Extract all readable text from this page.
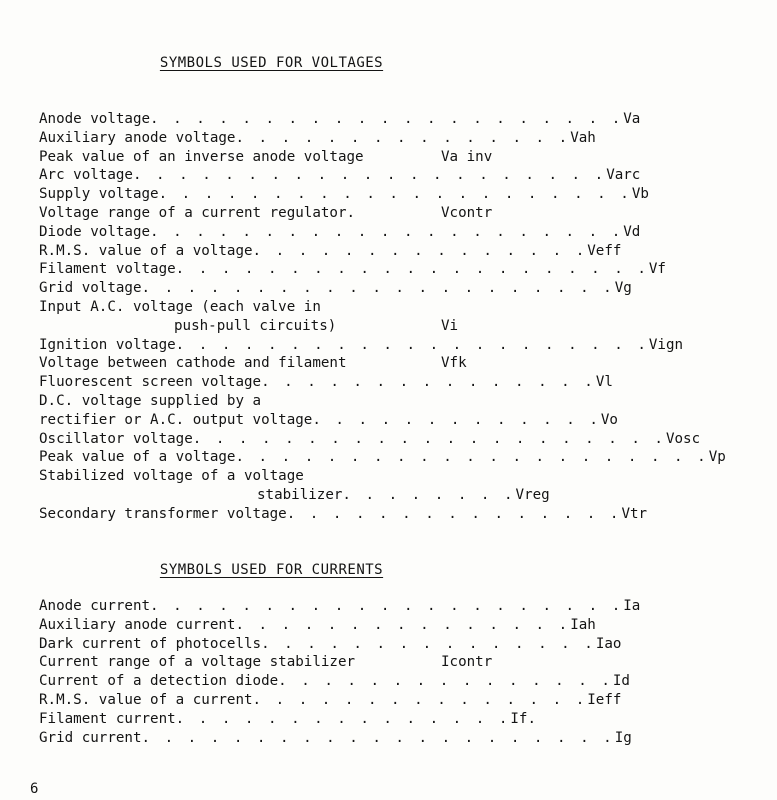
SYMBOLS USED FOR VOLTAGES
Anode voltage . . . . . . . . . . . . . . . . . . . . . Va
Auxiliary anode voltage . . . . . . . . . . . . . . . Vah
Peak value of an inverse anode voltage	Va inv
Arc voltage . . . . . . . . . . . . . . . . . . . . . Varc
Supply voltage . . . . . . . . . . . . . . . . . . . . . Vb
Voltage range of a current regulator.	Vcontr
Diode voltage . . . . . . . . . . . . . . . . . . . . . Vd
R.M.S. value of a voltage . . . . . . . . . . . . . . . Veff
Filament voltage . . . . . . . . . . . . . . . . . . . . . Vf
Grid voltage . . . . . . . . . . . . . . . . . . . . . Vg
Input A.C. voltage (each valve in
push-pull circuits)	Vi
Ignition voltage . . . . . . . . . . . . . . . . . . . . . Vign
Voltage between cathode and filament	Vfk
Fluorescent screen voltage . . . . . . . . . . . . . . . Vl
D.C. voltage supplied by a
rectifier or A.C. output voltage . . . . . . . . . . . . . Vo
Oscillator voltage . . . . . . . . . . . . . . . . . . . . . Vosc
Peak value of a voltage . . . . . . . . . . . . . . . . . . . . . Vp
Stabilized voltage of a voltage
stabilizer . . . . . . . . Vreg
Secondary transformer voltage . . . . . . . . . . . . . . . Vtr
SYMBOLS USED FOR CURRENTS
Anode current . . . . . . . . . . . . . . . . . . . . . Ia
Auxiliary anode current . . . . . . . . . . . . . . . Iah
Dark current of photocells . . . . . . . . . . . . . . . Iao
Current range of a voltage stabilizer	Icontr
Current of a detection diode . . . . . . . . . . . . . . . Id
R.M.S. value of a current . . . . . . . . . . . . . . . Ieff
Filament current . . . . . . . . . . . . . . . If.
Grid current . . . . . . . . . . . . . . . . . . . . . Ig
6
